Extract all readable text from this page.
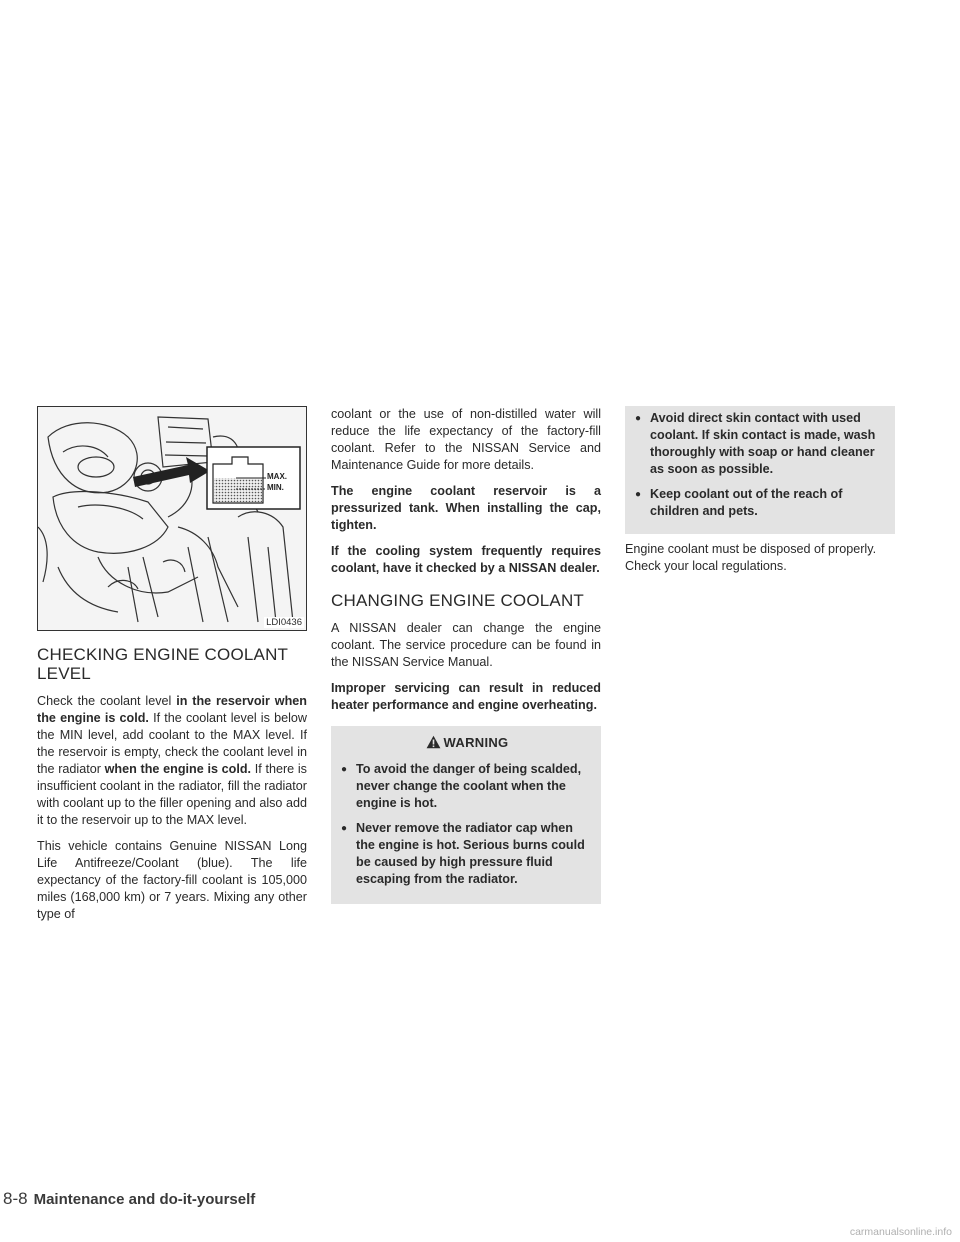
MAX.
MIN.
LDI0436
CHECKING ENGINE COOLANT LEVEL

Check the coolant level in the reservoir when the engine is cold. If the coolant level is below the MIN level, add coolant to the MAX level. If the reservoir is empty, check the coolant level in the radiator when the engine is cold. If there is insufficient coolant in the radiator, fill the radiator with coolant up to the filler opening and also add it to the reservoir up to the MAX level.

This vehicle contains Genuine NISSAN Long Life Antifreeze/Coolant (blue). The life expectancy of the factory-fill coolant is 105,000 miles (168,000 km) or 7 years. Mixing any other type of

coolant or the use of non-distilled water will reduce the life expectancy of the factory-fill coolant. Refer to the NISSAN Service and Maintenance Guide for more details.

The engine coolant reservoir is a pressurized tank. When installing the cap, tighten.

If the cooling system frequently requires coolant, have it checked by a NISSAN dealer.

CHANGING ENGINE COOLANT

A NISSAN dealer can change the engine coolant. The service procedure can be found in the NISSAN Service Manual.

Improper servicing can result in reduced heater performance and engine overheating.

WARNING
● To avoid the danger of being scalded, never change the coolant when the engine is hot.
● Never remove the radiator cap when the engine is hot. Serious burns could be caused by high pressure fluid escaping from the radiator.
● Avoid direct skin contact with used coolant. If skin contact is made, wash thoroughly with soap or hand cleaner as soon as possible.
● Keep coolant out of the reach of children and pets.

Engine coolant must be disposed of properly. Check your local regulations.

8-8 Maintenance and do-it-yourself
carmanualsonline.info
